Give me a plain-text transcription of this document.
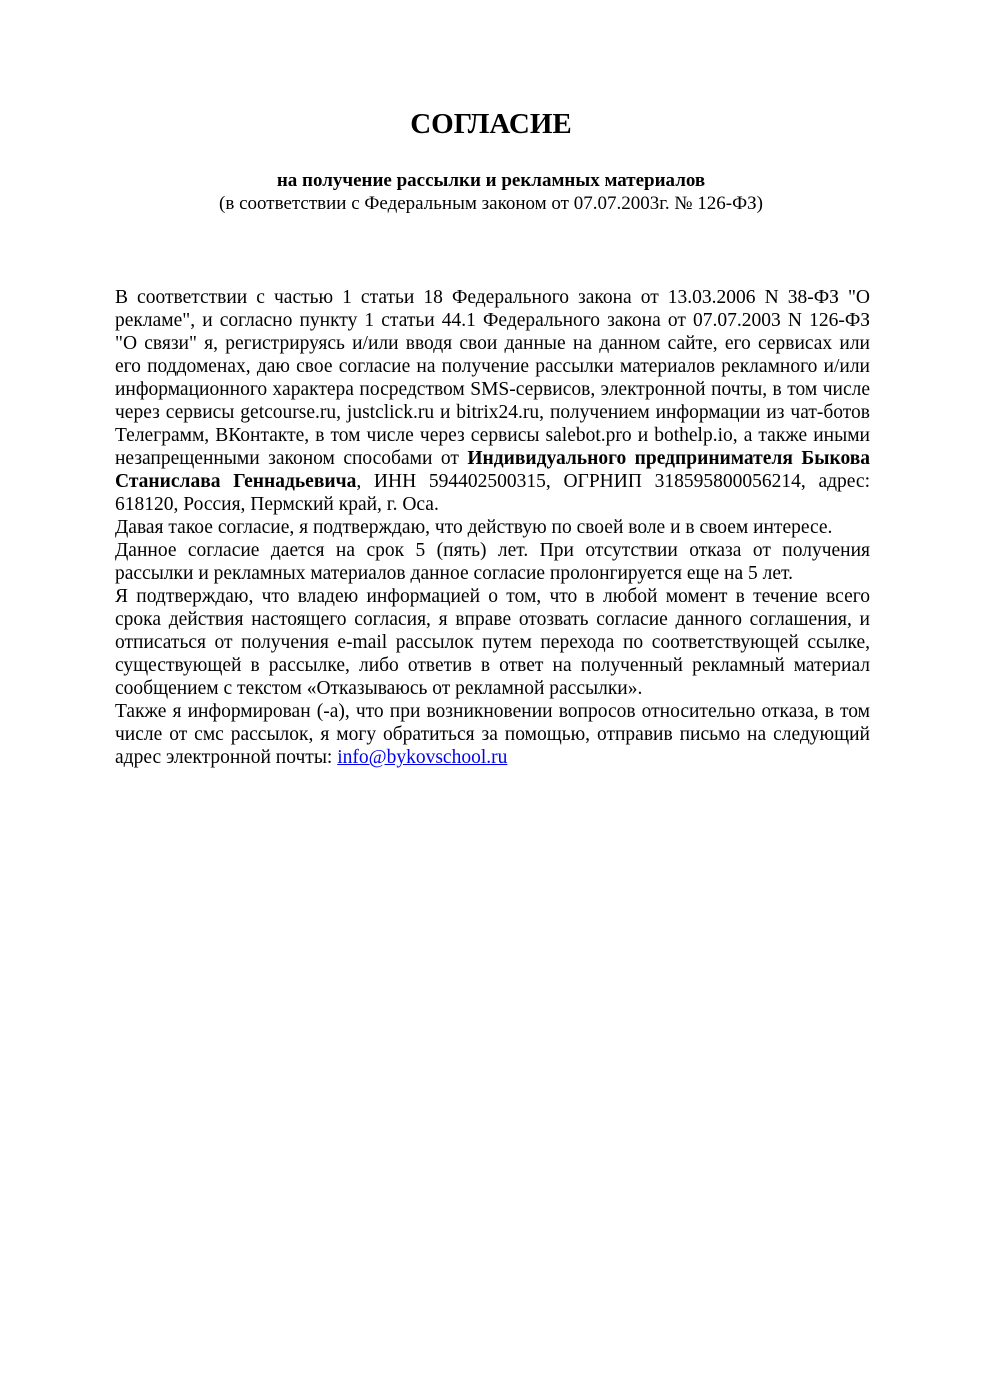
СОГЛАСИЕ
на получение рассылки и рекламных материалов
(в соответствии с Федеральным законом от 07.07.2003г. № 126-ФЗ)

В соответствии с частью 1 статьи 18 Федерального закона от 13.03.2006 N 38-ФЗ "О рекламе", и согласно пункту 1 статьи 44.1 Федерального закона от 07.07.2003 N 126-ФЗ "О связи" я, регистрируясь и/или вводя свои данные на данном сайте, его сервисах или его поддоменах, даю свое согласие на получение рассылки материалов рекламного и/или информационного характера посредством SMS-сервисов, электронной почты, в том числе через сервисы getcourse.ru, justclick.ru и bitrix24.ru, получением информации из чат-ботов Телеграмм, ВКонтакте, в том числе через сервисы salebot.pro и bothelp.io, а также иными незапрещенными законом способами от Индивидуального предпринимателя Быкова Станислава Геннадьевича, ИНН 594402500315, ОГРНИП 318595800056214, адрес: 618120, Россия, Пермский край, г. Оса.

Давая такое согласие, я подтверждаю, что действую по своей воле и в своем интересе.

Данное согласие дается на срок 5 (пять) лет. При отсутствии отказа от получения рассылки и рекламных материалов данное согласие пролонгируется еще на 5 лет.

Я подтверждаю, что владею информацией о том, что в любой момент в течение всего срока действия настоящего согласия, я вправе отозвать согласие данного соглашения, и отписаться от получения e-mail рассылок путем перехода по соответствующей ссылке, существующей в рассылке, либо ответив в ответ на полученный рекламный материал сообщением с текстом «Отказываюсь от рекламной рассылки».

Также я информирован (-а), что при возникновении вопросов относительно отказа, в том числе от смс рассылок, я могу обратиться за помощью, отправив письмо на следующий адрес электронной почты: info@bykovschool.ru
